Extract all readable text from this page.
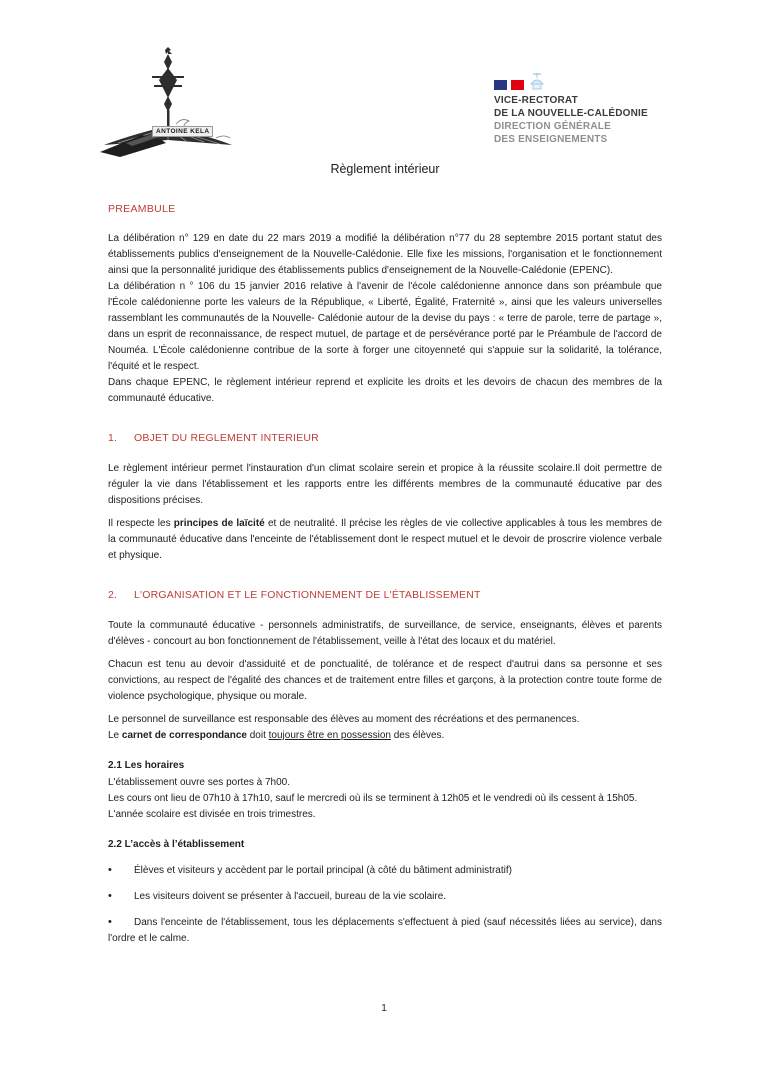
ANTOINE KELA
VICE-RECTORAT
DE LA NOUVELLE-CALÉDONIE
DIRECTION GÉNÉRALE
DES ENSEIGNEMENTS

Règlement intérieur

PREAMBULE

La délibération n° 129 en date du 22 mars 2019 a modifié la délibération n°77 du 28 septembre 2015 portant statut des établissements publics d'enseignement de la Nouvelle-Calédonie. Elle fixe les missions, l'organisation et le fonctionnement ainsi que la personnalité juridique des établissements publics d'enseignement de la Nouvelle-Calédonie (EPENC).

La délibération n ° 106 du 15 janvier 2016 relative à l'avenir de l'école calédonienne annonce dans son préambule que l'École calédonienne porte les valeurs de la République, « Liberté, Égalité, Fraternité », ainsi que les valeurs universelles rassemblant les communautés de la Nouvelle- Calédonie autour de la devise du pays : « terre de parole, terre de partage », dans un esprit de reconnaissance, de respect mutuel, de partage et de persévérance porté par le Préambule de l'accord de Nouméa. L'École calédonienne contribue de la sorte à forger une citoyenneté qui s'appuie sur la solidarité, la tolérance, l'équité et le respect.

Dans chaque EPENC, le règlement intérieur reprend et explicite les droits et les devoirs de chacun des membres de la communauté éducative.

1.	OBJET DU REGLEMENT INTERIEUR

Le règlement intérieur permet l'instauration d'un climat scolaire serein et propice à la réussite scolaire.Il doit permettre de réguler la vie dans l'établissement et les rapports entre les différents membres de la communauté éducative par des dispositions précises.

Il respecte les principes de laïcité et de neutralité. Il précise les règles de vie collective applicables à tous les membres de la communauté éducative dans l'enceinte de l'établissement dont le respect mutuel et le devoir de proscrire violence verbale et physique.

2.	L'ORGANISATION ET LE FONCTIONNEMENT DE L'ÉTABLISSEMENT

Toute la communauté éducative - personnels administratifs, de surveillance, de service, enseignants, élèves et parents d'élèves - concourt au bon fonctionnement de l'établissement, veille à l'état des locaux et du matériel.

Chacun est tenu au devoir d'assiduité et de ponctualité, de tolérance et de respect d'autrui dans sa personne et ses convictions, au respect de l'égalité des chances et de traitement entre filles et garçons, à la protection contre toute forme de violence psychologique, physique ou morale.

Le personnel de surveillance est responsable des élèves au moment des récréations et des permanences.

Le carnet de correspondance doit toujours être en possession des élèves.

2.1 Les horaires

L'établissement ouvre ses portes à 7h00.

Les cours ont lieu de 07h10 à 17h10, sauf le mercredi où ils se terminent à 12h05 et le vendredi où ils cessent à 15h05.

L'année scolaire est divisée en trois trimestres.

2.2 L’accès à l’établissement

• Élèves et visiteurs y accèdent par le portail principal (à côté du bâtiment administratif)

• Les visiteurs doivent se présenter à l'accueil, bureau de la vie scolaire.

• Dans l'enceinte de l'établissement, tous les déplacements s'effectuent à pied (sauf nécessités liées au service), dans l'ordre et le calme.

1
